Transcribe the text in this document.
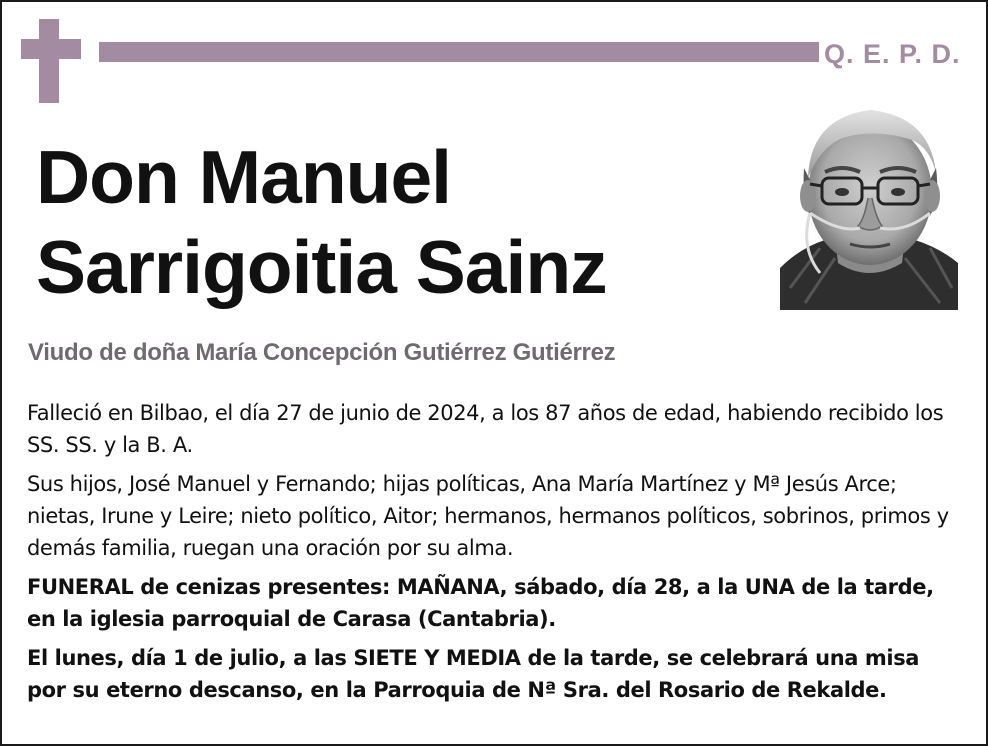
Q. E. P. D.
Don Manuel
Sarrigoitia Sainz
Viudo de doña María Concepción Gutiérrez Gutiérrez

Falleció en Bilbao, el día 27 de junio de 2024, a los 87 años de edad, habiendo recibido los SS. SS. y la B. A.

Sus hijos, José Manuel y Fernando; hijas políticas, Ana María Martínez y Mª Jesús Arce; nietas, Irune y Leire; nieto político, Aitor; hermanos, hermanos políticos, sobrinos, primos y demás familia, ruegan una oración por su alma.

FUNERAL de cenizas presentes: MAÑANA, sábado, día 28, a la UNA de la tarde, en la iglesia parroquial de Carasa (Cantabria).

El lunes, día 1 de julio, a las SIETE Y MEDIA de la tarde, se celebrará una misa por su eterno descanso, en la Parroquia de Nª Sra. del Rosario de Rekalde.
